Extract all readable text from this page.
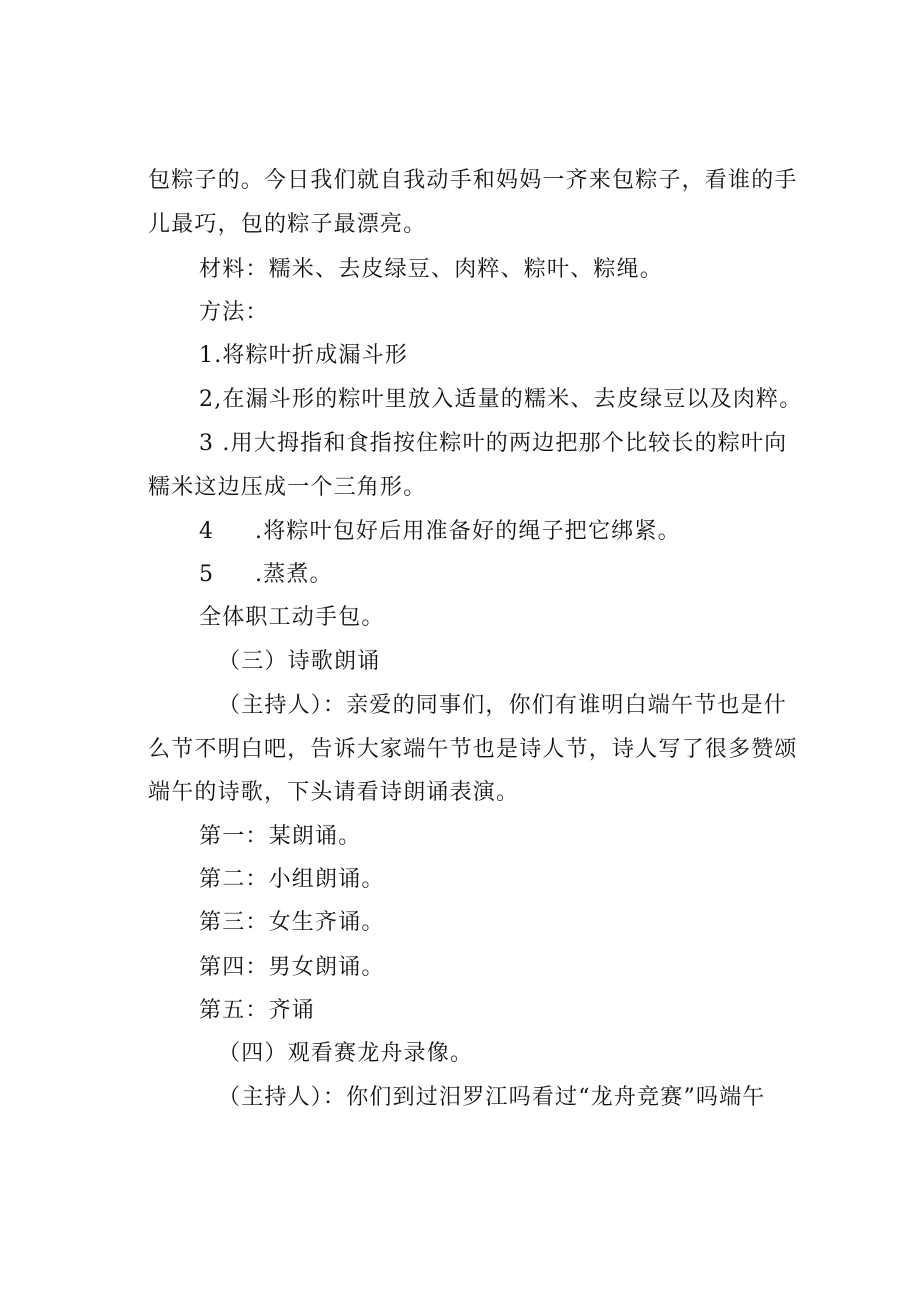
包粽子的。今日我们就自我动手和妈妈一齐来包粽子，看谁的手
儿最巧，包的粽子最漂亮。
材料：糯米、去皮绿豆、肉粹、粽叶、粽绳。
方法：
1.将粽叶折成漏斗形
2,在漏斗形的粽叶里放入适量的糯米、去皮绿豆以及肉粹。
3 .用大拇指和食指按住粽叶的两边把那个比较长的粽叶向
糯米这边压成一个三角形。
4 .将粽叶包好后用准备好的绳子把它绑紧。
5 .蒸煮。
全体职工动手包。
（三）诗歌朗诵
（主持人）：亲爱的同事们，你们有谁明白端午节也是什
么节不明白吧，告诉大家端午节也是诗人节，诗人写了很多赞颂
端午的诗歌，下头请看诗朗诵表演。
第一：某朗诵。
第二：小组朗诵。
第三：女生齐诵。
第四：男女朗诵。
第五：齐诵
（四）观看赛龙舟录像。
（主持人）：你们到过汨罗江吗看过“龙舟竞赛”吗端午
